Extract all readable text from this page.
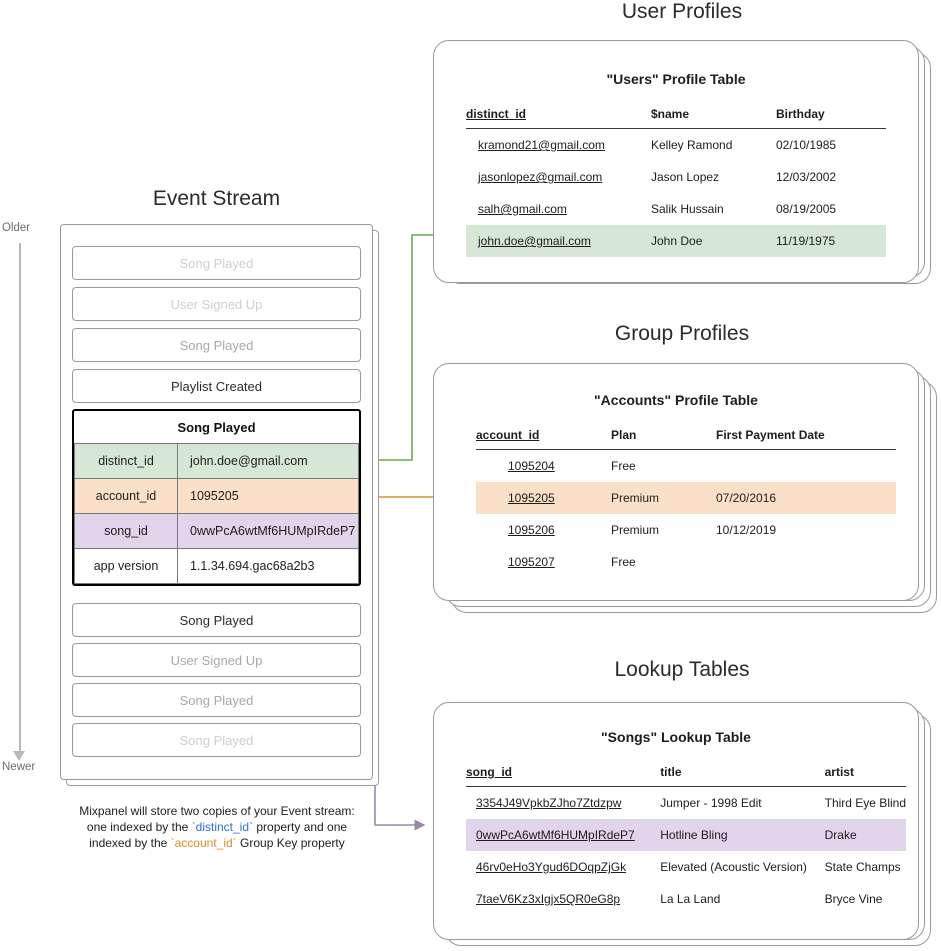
Older
Newer
Event Stream
Song Played
User Signed Up
Song Played
Playlist Created
Song Played
distinct_id	john.doe@gmail.com
account_id	1095205
song_id	0wwPcA6wtMf6HUMpIRdeP7
app version	1.1.34.694.gac68a2b3
Song Played
User Signed Up
Song Played
Song Played
Mixpanel will store two copies of your Event stream:
one indexed by the `distinct_id` property and one
indexed by the `account_id` Group Key property
User Profiles
"Users" Profile Table
distinct_id	$name	Birthday
kramond21@gmail.com	Kelley Ramond	02/10/1985
jasonlopez@gmail.com	Jason Lopez	12/03/2002
salh@gmail.com	Salik Hussain	08/19/2005
john.doe@gmail.com	John Doe	11/19/1975
Group Profiles
"Accounts" Profile Table
account_id	Plan	First Payment Date
1095204	Free	
1095205	Premium	07/20/2016
1095206	Premium	10/12/2019
1095207	Free	
Lookup Tables
"Songs" Lookup Table
song_id	title	artist
3354J49VpkbZJho7Ztdzpw	Jumper - 1998 Edit	Third Eye Blind
0wwPcA6wtMf6HUMpIRdeP7	Hotline Bling	Drake
46rv0eHo3Ygud6DOqpZjGk	Elevated (Acoustic Version)	State Champs
7taeV6Kz3xIgjx5QR0eG8p	La La Land	Bryce Vine
